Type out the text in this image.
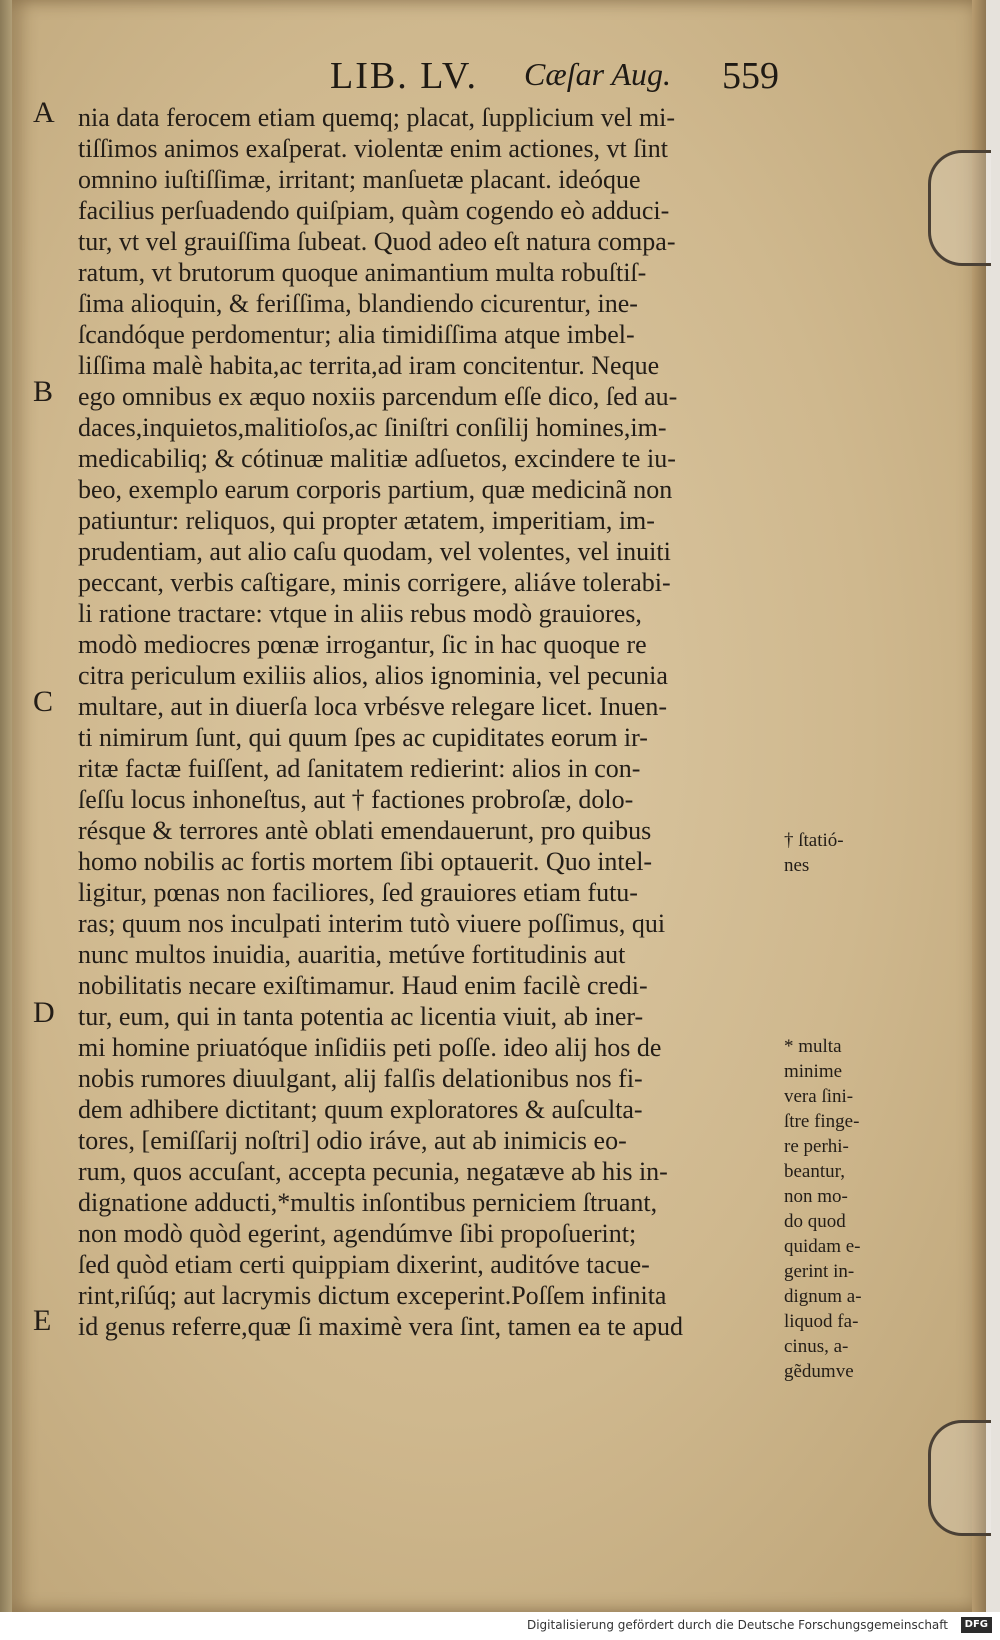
LIB. LV. Cæſar Aug. 559
A
B
C
D
E
nia data ferocem etiam quemq; placat, ſupplicium vel mi-
tiſſimos animos exaſperat. violentæ enim actiones, vt ſint
omnino iuſtiſſimæ, irritant; manſuetæ placant. ideóque
facilius perſuadendo quiſpiam, quàm cogendo eò adduci-
tur, vt vel grauiſſima ſubeat. Quod adeo eſt natura compa-
ratum, vt brutorum quoque animantium multa robuſtiſ-
ſima alioquin, & feriſſima, blandiendo cicurentur, ine-
ſcandóque perdomentur; alia timidiſſima atque imbel-
liſſima malè habita,ac territa,ad iram concitentur. Neque
ego omnibus ex æquo noxiis parcendum eſſe dico, ſed au-
daces,inquietos,malitioſos,ac ſiniſtri conſilij homines,im-
medicabiliq; & cótinuæ malitiæ adſuetos, excindere te iu-
beo, exemplo earum corporis partium, quæ medicinã non
patiuntur: reliquos, qui propter ætatem, imperitiam, im-
prudentiam, aut alio caſu quodam, vel volentes, vel inuiti
peccant, verbis caſtigare, minis corrigere, aliáve tolerabi-
li ratione tractare: vtque in aliis rebus modò grauiores,
modò mediocres pœnæ irrogantur, ſic in hac quoque re
citra periculum exiliis alios, alios ignominia, vel pecunia
multare, aut in diuerſa loca vrbésve relegare licet. Inuen-
ti nimirum ſunt, qui quum ſpes ac cupiditates eorum ir-
ritæ factæ fuiſſent, ad ſanitatem redierint: alios in con-
ſeſſu locus inhoneſtus, aut † factiones probroſæ, dolo-
résque & terrores antè oblati emendauerunt, pro quibus
homo nobilis ac fortis mortem ſibi optauerit. Quo intel-
ligitur, pœnas non faciliores, ſed grauiores etiam futu-
ras; quum nos inculpati interim tutò viuere poſſimus, qui
nunc multos inuidia, auaritia, metúve fortitudinis aut
nobilitatis necare exiſtimamur. Haud enim facilè credi-
tur, eum, qui in tanta potentia ac licentia viuit, ab iner-
mi homine priuatóque inſidiis peti poſſe. ideo alij hos de
nobis rumores diuulgant, alij falſis delationibus nos fi-
dem adhibere dictitant; quum exploratores & auſculta-
tores, [emiſſarij noſtri] odio iráve, aut ab inimicis eo-
rum, quos accuſant, accepta pecunia, negatæve ab his in-
dignatione adducti,*multis inſontibus perniciem ſtruant,
non modò quòd egerint, agendúmve ſibi propoſuerint;
ſed quòd etiam certi quippiam dixerint, auditóve tacue-
rint,riſúq; aut lacrymis dictum exceperint.Poſſem infinita
id genus referre,quæ ſi maximè vera ſint, tamen ea te apud
† ſtatió-
nes
* multa
minime
vera ſini-
ſtre finge-
re perhi-
beantur,
non mo-
do quod
quidam e-
gerint in-
dignum a-
liquod fa-
cinus, a-
gẽdumve
Digitalisierung gefördert durch die Deutsche Forschungsgemeinschaft	DFG
